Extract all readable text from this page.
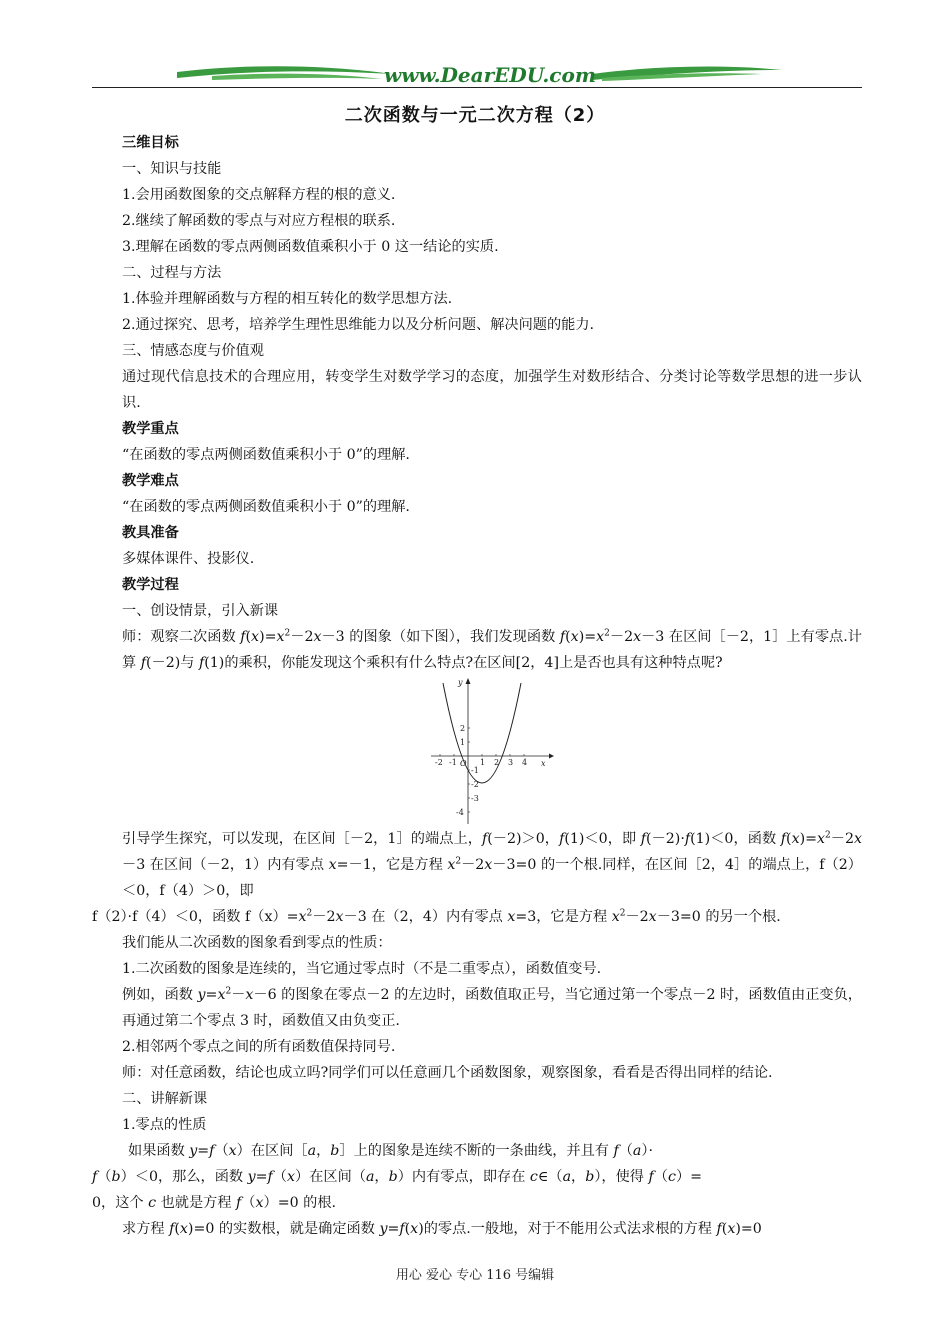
www.DearEDU.com
二次函数与一元二次方程（2）

三维目标

一、知识与技能

1.会用函数图象的交点解释方程的根的意义.

2.继续了解函数的零点与对应方程根的联系.

3.理解在函数的零点两侧函数值乘积小于 0 这一结论的实质.

二、过程与方法

1.体验并理解函数与方程的相互转化的数学思想方法.

2.通过探究、思考，培养学生理性思维能力以及分析问题、解决问题的能力.

三、情感态度与价值观

通过现代信息技术的合理应用，转变学生对数学学习的态度，加强学生对数形结合、分类讨论等数学思想的进一步认识.

教学重点

“在函数的零点两侧函数值乘积小于 0”的理解.

教学难点

“在函数的零点两侧函数值乘积小于 0”的理解.

教具准备

多媒体课件、投影仪.

教学过程

一、创设情景，引入新课

师：观察二次函数 $f(x)=x^2-2x-3$ 的图象（如下图），我们发现函数 $f(x)=x^2-2x-3$ 在区间［－2，1］上有零点.计算 f(－2)与 f(1)的乘积，你能发现这个乘积有什么特点?在区间[2，4]上是否也具有这种特点呢?

-2 -1 O 1 2 3 4 x
y
2
1
-1
-2
-3
-4

引导学生探究，可以发现，在区间［－2，1］的端点上，f(－2)＞0，f(1)＜0，即 f(－2)·f(1)＜0，函数 $f(x)=x^2-2x-3$ 在区间（－2，1）内有零点 x=－1，它是方程 $x^2-2x-3=0$ 的一个根.同样，在区间［2，4］的端点上，f（2）＜0，f（4）＞0，即

f（2）·f（4）＜0，函数 $f(x)=x^2-2x-3$ 在（2，4）内有零点 x=3，它是方程 $x^2-2x-3=0$ 的另一个根.

我们能从二次函数的图象看到零点的性质：

1.二次函数的图象是连续的，当它通过零点时（不是二重零点），函数值变号.

例如，函数 $y=x^2-x-6$ 的图象在零点－2 的左边时，函数值取正号，当它通过第一个零点－2 时，函数值由正变负，再通过第二个零点 3 时，函数值又由负变正.

2.相邻两个零点之间的所有函数值保持同号.

师：对任意函数，结论也成立吗?同学们可以任意画几个函数图象，观察图象，看看是否得出同样的结论.

二、讲解新课

1.零点的性质

如果函数 y=f（x）在区间［a，b］上的图象是连续不断的一条曲线，并且有 f（a）·

f（b）＜0，那么，函数 y=f（x）在区间（a，b）内有零点，即存在 c∈（a，b），使得 f（c）=

0，这个 c 也就是方程 f（x）=0 的根.

求方程 f(x)=0 的实数根，就是确定函数 y=f(x)的零点.一般地，对于不能用公式法求根的方程 f(x)=0

用心 爱心 专心 116 号编辑
